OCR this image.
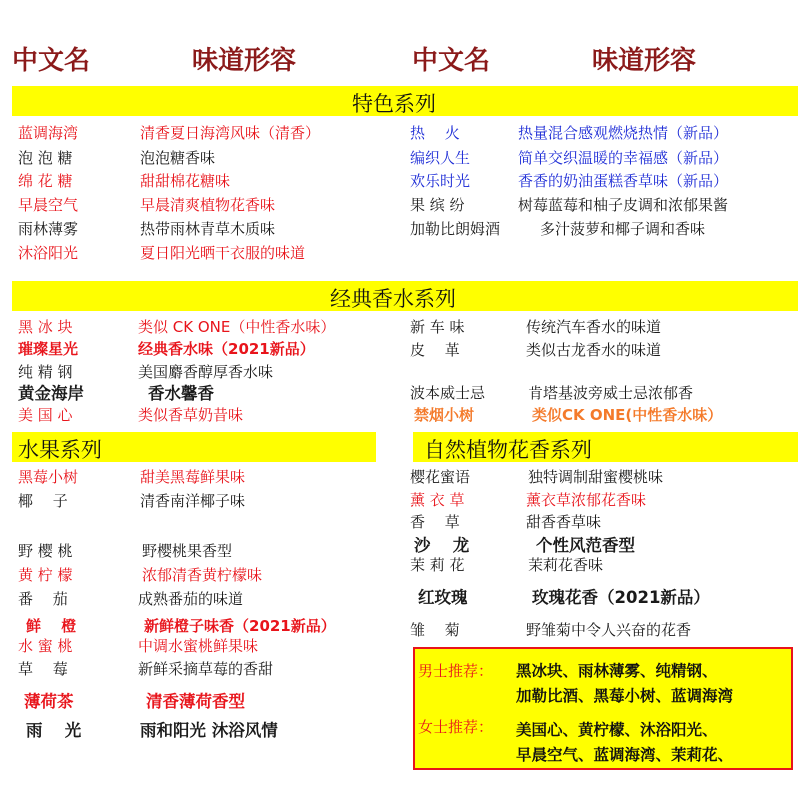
中文名	味道形容	中文名	味道形容
特色系列
蓝调海湾	清香夏日海湾风味（清香）
泡 泡 糖	泡泡糖香味
绵 花 糖	甜甜棉花糖味
早晨空气	早晨清爽植物花香味
雨林薄雾	热带雨林青草木质味
沐浴阳光	夏日阳光晒干衣服的味道
热　 火	热量混合感观燃烧热情（新品）
编织人生	简单交织温暖的幸福感（新品）
欢乐时光	香香的奶油蛋糕香草味（新品）
果 缤 纷	树莓蓝莓和柚子皮调和浓郁果酱
加勒比朗姆酒	多汁菠萝和椰子调和香味
经典香水系列
黑 冰 块	类似 CK ONE（中性香水味）
璀璨星光	经典香水味（2021新品）
纯 精 钢	美国麝香醇厚香水味
黄金海岸	香水馨香
美 国 心	类似香草奶昔味
新 车 味	传统汽车香水的味道
皮　 革	类似古龙香水的味道
波本威士忌	肯塔基波旁威士忌浓郁香
禁烟小树	类似CK ONE(中性香水味）
水果系列	自然植物花香系列
黑莓小树	甜美黑莓鲜果味
椰　 子	清香南洋椰子味
野 樱 桃	野樱桃果香型
黄 柠 檬	浓郁清香黄柠檬味
番　 茄	成熟番茄的味道
鲜　 橙	新鲜橙子味香（2021新品）
水 蜜 桃	中调水蜜桃鲜果味
草　 莓	新鲜采摘草莓的香甜
薄荷茶	清香薄荷香型
雨　 光	雨和阳光 沐浴风情
樱花蜜语	独特调制甜蜜樱桃味
薰 衣 草	薰衣草浓郁花香味
香　 草	甜香香草味
沙　 龙	个性风范香型
茉 莉 花	茉莉花香味
红玫瑰	玫瑰花香（2021新品）
雏　 菊	野雏菊中令人兴奋的花香
男士推荐： 黑冰块、雨林薄雾、纯精钢、
加勒比酒、黑莓小树、蓝调海湾
女士推荐： 美国心、黄柠檬、沐浴阳光、
早晨空气、蓝调海湾、茉莉花、
